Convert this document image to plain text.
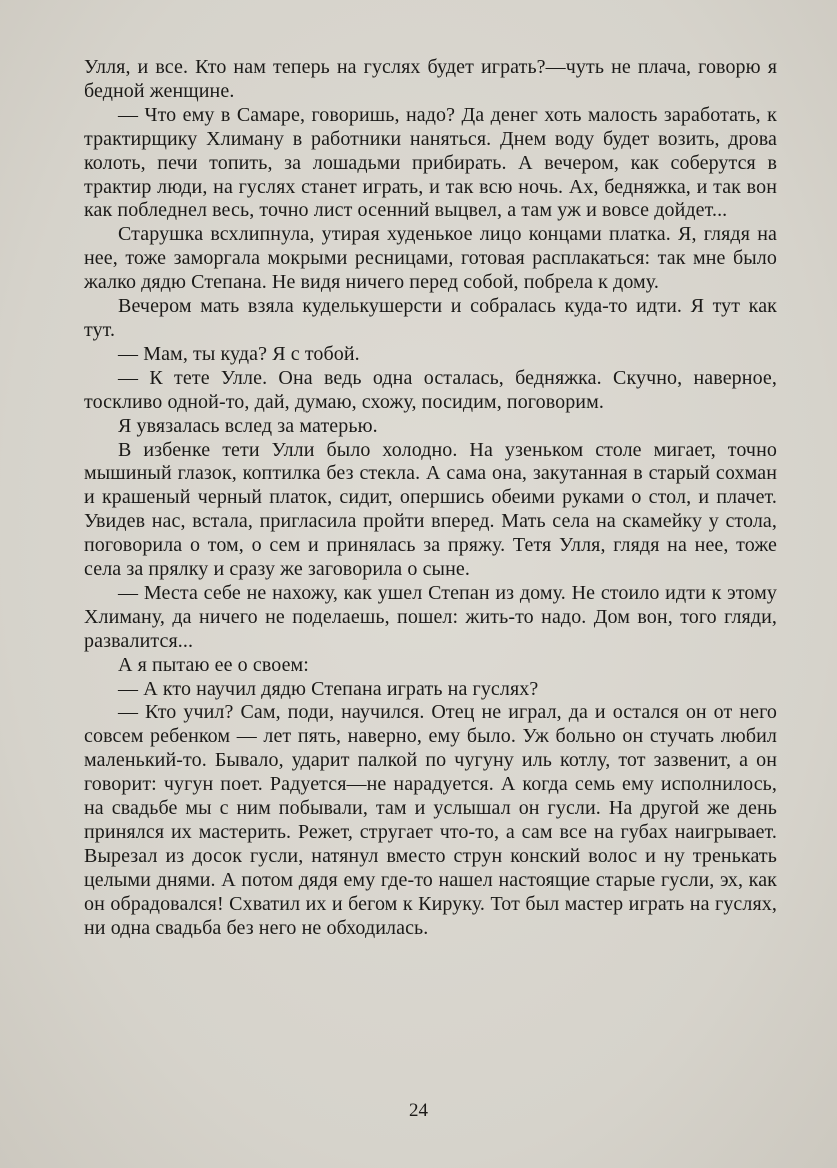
Улля, и все. Кто нам теперь на гуслях будет играть?—чуть не плача, говорю я бедной женщине.

— Что ему в Самаре, говоришь, надо? Да денег хоть малость заработать, к трактирщику Хлиману в работники наняться. Днем воду будет возить, дрова колоть, печи топить, за лошадьми прибирать. А вечером, как соберутся в трактир люди, на гуслях станет играть, и так всю ночь. Ах, бедняжка, и так вон как побледнел весь, точно лист осенний выцвел, а там уж и вовсе дойдет...

Старушка всхлипнула, утирая худенькое лицо концами платка. Я, глядя на нее, тоже заморгала мокрыми ресницами, готовая расплакаться: так мне было жалко дядю Степана. Не видя ничего перед собой, побрела к дому.

Вечером мать взяла куделькушерсти и собралась куда-то идти. Я тут как тут.

— Мам, ты куда? Я с тобой.

— К тете Улле. Она ведь одна осталась, бедняжка. Скучно, наверное, тоскливо одной-то, дай, думаю, схожу, посидим, поговорим.

Я увязалась вслед за матерью.

В избенке тети Улли было холодно. На узеньком столе мигает, точно мышиный глазок, коптилка без стекла. А сама она, закутанная в старый сохман и крашеный черный платок, сидит, опершись обеими руками о стол, и плачет. Увидев нас, встала, пригласила пройти вперед. Мать села на скамейку у стола, поговорила о том, о сем и принялась за пряжу. Тетя Улля, глядя на нее, тоже села за прялку и сразу же заговорила о сыне.

— Места себе не нахожу, как ушел Степан из дому. Не стоило идти к этому Хлиману, да ничего не поделаешь, пошел: жить-то надо. Дом вон, того гляди, развалится...

А я пытаю ее о своем:

— А кто научил дядю Степана играть на гуслях?

— Кто учил? Сам, поди, научился. Отец не играл, да и остался он от него совсем ребенком — лет пять, наверно, ему было. Уж больно он стучать любил маленький-то. Бывало, ударит палкой по чугуну иль котлу, тот зазвенит, а он говорит: чугун поет. Радуется—не нарадуется. А когда семь ему исполнилось, на свадьбе мы с ним побывали, там и услышал он гусли. На другой же день принялся их мастерить. Режет, стругает что-то, а сам все на губах наигрывает. Вырезал из досок гусли, натянул вместо струн конский волос и ну тренькать целыми днями. А потом дядя ему где-то нашел настоящие старые гусли, эх, как он обрадовался! Схватил их и бегом к Кируку. Тот был мастер играть на гуслях, ни одна свадьба без него не обходилась.

24
